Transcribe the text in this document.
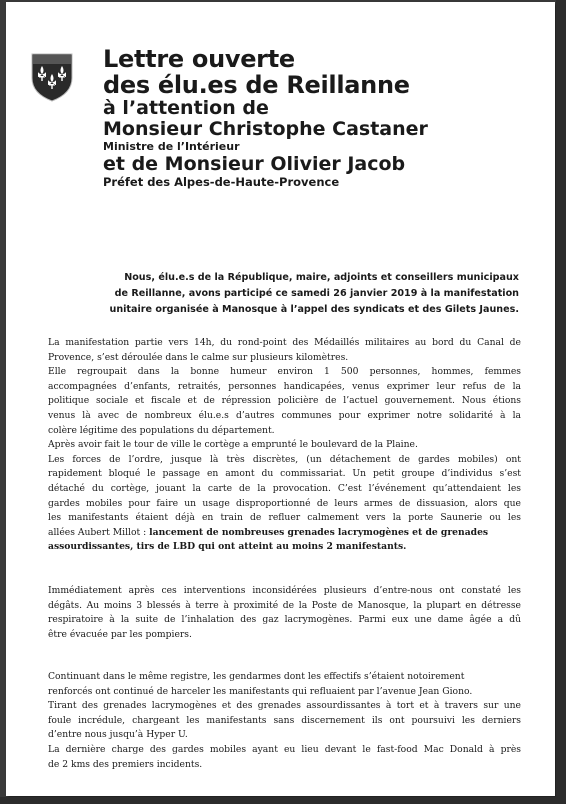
Lettre ouverte
des élu.es de Reillanne
à l’attention de
Monsieur Christophe Castaner
Ministre de l’Intérieur
et de Monsieur Olivier Jacob
Préfet des Alpes-de-Haute-Provence
Nous, élu.e.s de la République, maire, adjoints et conseillers municipaux
de Reillanne, avons participé ce samedi 26 janvier 2019 à la manifestation
unitaire organisée à Manosque à l’appel des syndicats et des Gilets Jaunes.
La manifestation partie vers 14h, du rond-point des Médaillés militaires au bord du Canal de
Provence, s’est déroulée dans le calme sur plusieurs kilomètres.
Elle regroupait dans la bonne humeur environ 1 500 personnes, hommes, femmes
accompagnées d’enfants, retraités, personnes handicapées, venus exprimer leur refus de la
politique sociale et fiscale et de répression policière de l’actuel gouvernement. Nous étions
venus là avec de nombreux élu.e.s d’autres communes pour exprimer notre solidarité à la
colère légitime des populations du département.
Après avoir fait le tour de ville le cortège a emprunté le boulevard de la Plaine.
Les forces de l’ordre, jusque là très discrètes, (un détachement de gardes mobiles) ont
rapidement bloqué le passage en amont du commissariat. Un petit groupe d’individus s’est
détaché du cortège, jouant la carte de la provocation. C’est l’événement qu’attendaient les
gardes mobiles pour faire un usage disproportionné de leurs armes de dissuasion, alors que
les manifestants étaient déjà en train de refluer calmement vers la porte Saunerie ou les
allées Aubert Millot : lancement de nombreuses grenades lacrymogènes et de grenades
assourdissantes, tirs de LBD qui ont atteint au moins 2 manifestants.
Immédiatement après ces interventions inconsidérées plusieurs d’entre-nous ont constaté les
dégâts. Au moins 3 blessés à terre à proximité de la Poste de Manosque, la plupart en détresse
respiratoire à la suite de l’inhalation des gaz lacrymogènes. Parmi eux une dame âgée a dû
être évacuée par les pompiers.
Continuant dans le même registre, les gendarmes dont les effectifs s’étaient notoirement
renforcés ont continué de harceler les manifestants qui refluaient par l’avenue Jean Giono.
Tirant des grenades lacrymogènes et des grenades assourdissantes à tort et à travers sur une
foule incrédule, chargeant les manifestants sans discernement ils ont poursuivi les derniers
d’entre nous jusqu’à Hyper U.
La dernière charge des gardes mobiles ayant eu lieu devant le fast-food Mac Donald à près
de 2 kms des premiers incidents.
